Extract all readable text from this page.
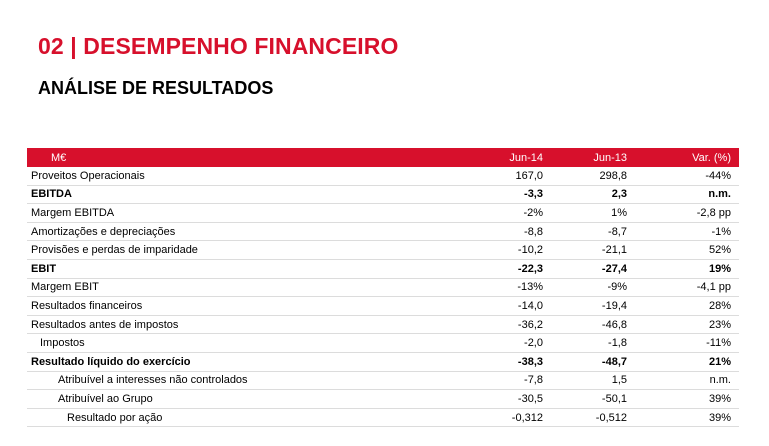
02 | DESEMPENHO FINANCEIRO
ANÁLISE DE RESULTADOS
M€	Jun-14	Jun-13	Var. (%)
Proveitos Operacionais	167,0	298,8	-44%
EBITDA	-3,3	2,3	n.m.
Margem EBITDA	-2%	1%	-2,8 pp
Amortizações e depreciações	-8,8	-8,7	-1%
Provisões e perdas de imparidade	-10,2	-21,1	52%
EBIT	-22,3	-27,4	19%
Margem EBIT	-13%	-9%	-4,1 pp
Resultados financeiros	-14,0	-19,4	28%
Resultados antes de impostos	-36,2	-46,8	23%
Impostos	-2,0	-1,8	-11%
Resultado líquido do exercício	-38,3	-48,7	21%
Atribuível a interesses não controlados	-7,8	1,5	n.m.
Atribuível ao Grupo	-30,5	-50,1	39%
Resultado por ação	-0,312	-0,512	39%
